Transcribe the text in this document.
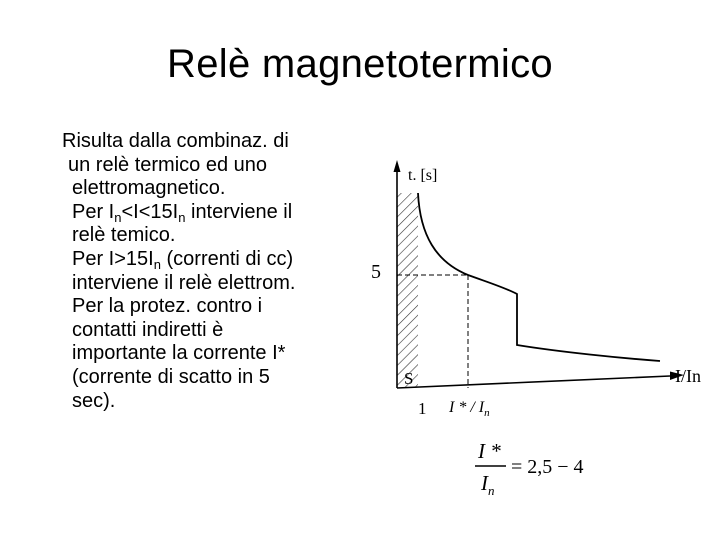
Relè magnetotermico
Risulta dalla combinaz. di
un relè termico ed uno
elettromagnetico.
Per $I_n<I<15I_n$ interviene il
relè temico.
Per $I>15I_n$ (correnti di cc)
interviene il relè elettrom.
Per la protez. contro i
contatti indiretti è
importante la corrente I*
(corrente di scatto in 5
sec).
t. [s]
5
S	I/In
1 I * / $I_n$
I *
$I_n$
= 2,5 − 4
